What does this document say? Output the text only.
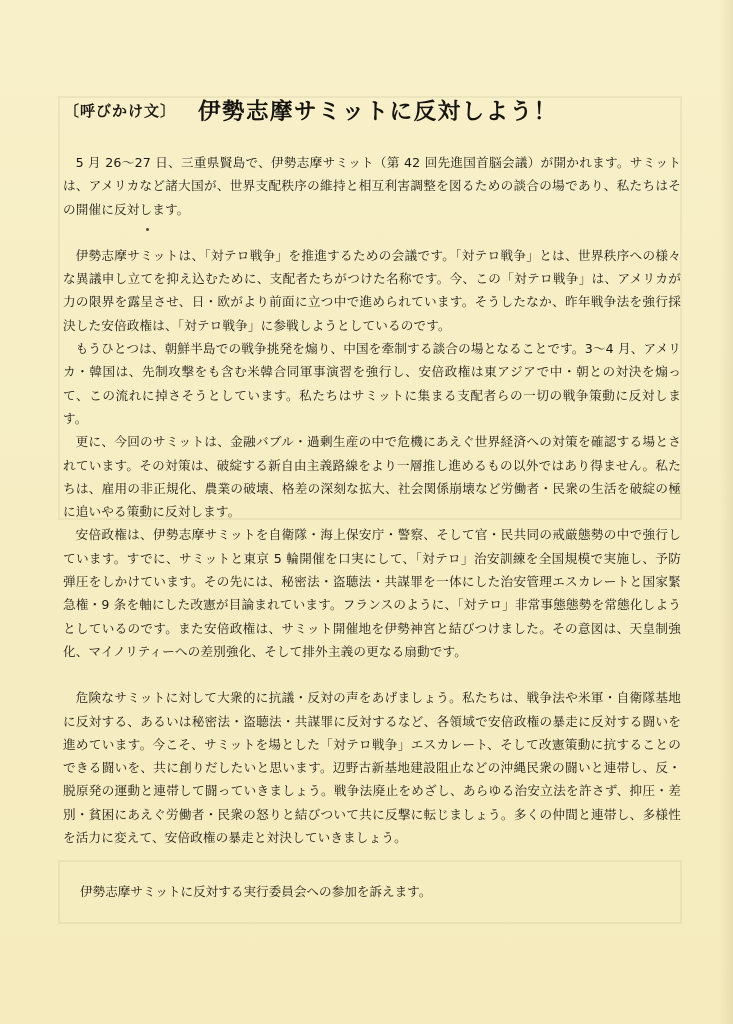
〔呼びかけ文〕 伊勢志摩サミットに反対しよう！

5 月 26～27 日、三重県賢島で、伊勢志摩サミット（第 42 回先進国首脳会議）が開かれます。サミットは、アメリカなど諸大国が、世界支配秩序の維持と相互利害調整を図るための談合の場であり、私たちはその開催に反対します。

伊勢志摩サミットは、「対テロ戦争」を推進するための会議です。「対テロ戦争」とは、世界秩序への様々な異議申し立てを抑え込むために、支配者たちがつけた名称です。今、この「対テロ戦争」は、アメリカが力の限界を露呈させ、日・欧がより前面に立つ中で進められています。そうしたなか、昨年戦争法を強行採決した安倍政権は、「対テロ戦争」に参戦しようとしているのです。

もうひとつは、朝鮮半島での戦争挑発を煽り、中国を牽制する談合の場となることです。3～4 月、アメリカ・韓国は、先制攻撃をも含む米韓合同軍事演習を強行し、安倍政権は東アジアで中・朝との対決を煽って、この流れに掉さそうとしています。私たちはサミットに集まる支配者らの一切の戦争策動に反対します。

更に、今回のサミットは、金融バブル・過剰生産の中で危機にあえぐ世界経済への対策を確認する場とされています。その対策は、破綻する新自由主義路線をより一層推し進めるもの以外ではあり得ません。私たちは、雇用の非正規化、農業の破壊、格差の深刻な拡大、社会関係崩壊など労働者・民衆の生活を破綻の極に追いやる策動に反対します。

安倍政権は、伊勢志摩サミットを自衛隊・海上保安庁・警察、そして官・民共同の戒厳態勢の中で強行しています。すでに、サミットと東京 5 輪開催を口実にして、「対テロ」治安訓練を全国規模で実施し、予防弾圧をしかけています。その先には、秘密法・盗聴法・共謀罪を一体にした治安管理エスカレートと国家緊急権・9 条を軸にした改憲が目論まれています。フランスのように、「対テロ」非常事態態勢を常態化しようとしているのです。また安倍政権は、サミット開催地を伊勢神宮と結びつけました。その意図は、天皇制強化、マイノリティーへの差別強化、そして排外主義の更なる扇動です。

危険なサミットに対して大衆的に抗議・反対の声をあげましょう。私たちは、戦争法や米軍・自衛隊基地に反対する、あるいは秘密法・盗聴法・共謀罪に反対するなど、各領域で安倍政権の暴走に反対する闘いを進めています。今こそ、サミットを場とした「対テロ戦争」エスカレート、そして改憲策動に抗することのできる闘いを、共に創りだしたいと思います。辺野古新基地建設阻止などの沖縄民衆の闘いと連帯し、反・脱原発の運動と連帯して闘っていきましょう。戦争法廃止をめざし、あらゆる治安立法を許さず、抑圧・差別・貧困にあえぐ労働者・民衆の怒りと結びついて共に反撃に転じましょう。多くの仲間と連帯し、多様性を活力に変えて、安倍政権の暴走と対決していきましょう。

伊勢志摩サミットに反対する実行委員会への参加を訴えます。
